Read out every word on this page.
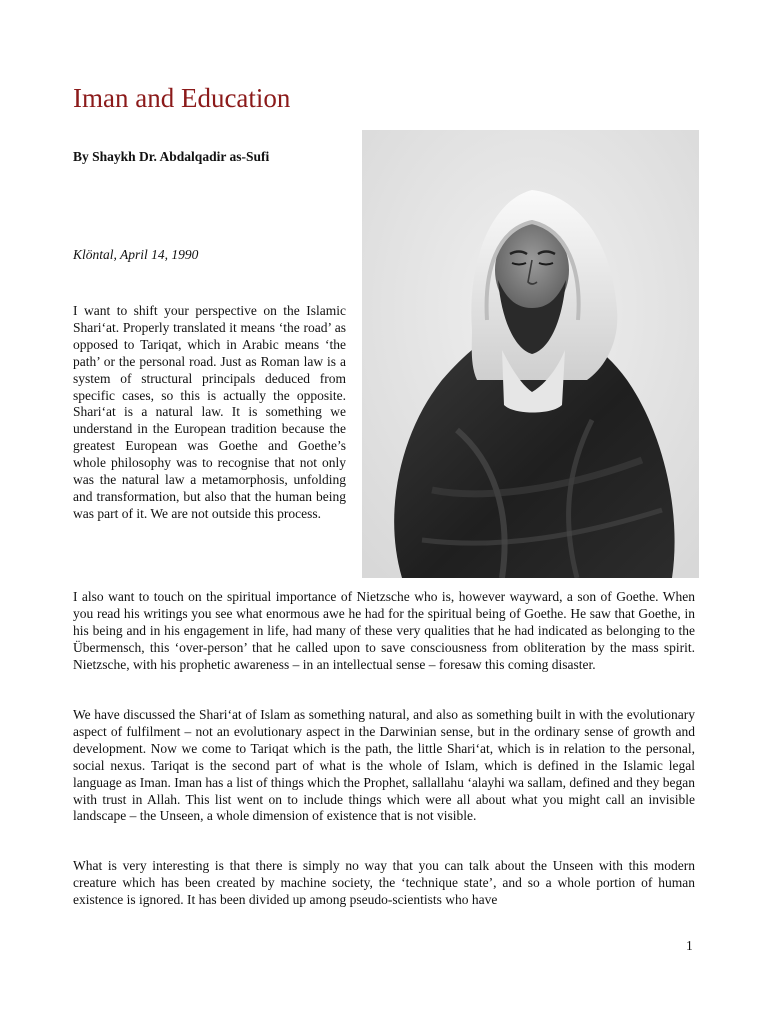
Iman and Education
By Shaykh Dr. Abdalqadir as-Sufi
Klöntal, April 14, 1990

I want to shift your perspective on the Islamic Shari‘at. Properly translated it means ‘the road’ as opposed to Tariqat, which in Arabic means ‘the path’ or the personal road. Just as Roman law is a system of structural principals deduced from specific cases, so this is actually the opposite. Shari‘at is a natural law. It is something we understand in the European tradition because the greatest European was Goethe and Goethe’s whole philosophy was to recognise that not only was the natural law a metamorphosis, unfolding and transformation, but also that the human being was part of it. We are not outside this process.

I also want to touch on the spiritual importance of Nietzsche who is, however wayward, a son of Goethe. When you read his writings you see what enormous awe he had for the spiritual being of Goethe. He saw that Goethe, in his being and in his engagement in life, had many of these very qualities that he had indicated as belonging to the Übermensch, this ‘over-person’ that he called upon to save consciousness from obliteration by the mass spirit. Nietzsche, with his prophetic awareness – in an intellectual sense – foresaw this coming disaster.

We have discussed the Shari‘at of Islam as something natural, and also as something built in with the evolutionary aspect of fulfilment – not an evolutionary aspect in the Darwinian sense, but in the ordinary sense of growth and development. Now we come to Tariqat which is the path, the little Shari‘at, which is in relation to the personal, social nexus. Tariqat is the second part of what is the whole of Islam, which is defined in the Islamic legal language as Iman. Iman has a list of things which the Prophet, sallallahu ‘alayhi wa sallam, defined and they began with trust in Allah. This list went on to include things which were all about what you might call an invisible landscape – the Unseen, a whole dimension of existence that is not visible.

What is very interesting is that there is simply no way that you can talk about the Unseen with this modern creature which has been created by machine society, the ‘technique state’, and so a whole portion of human existence is ignored. It has been divided up among pseudo-scientists who have

1
